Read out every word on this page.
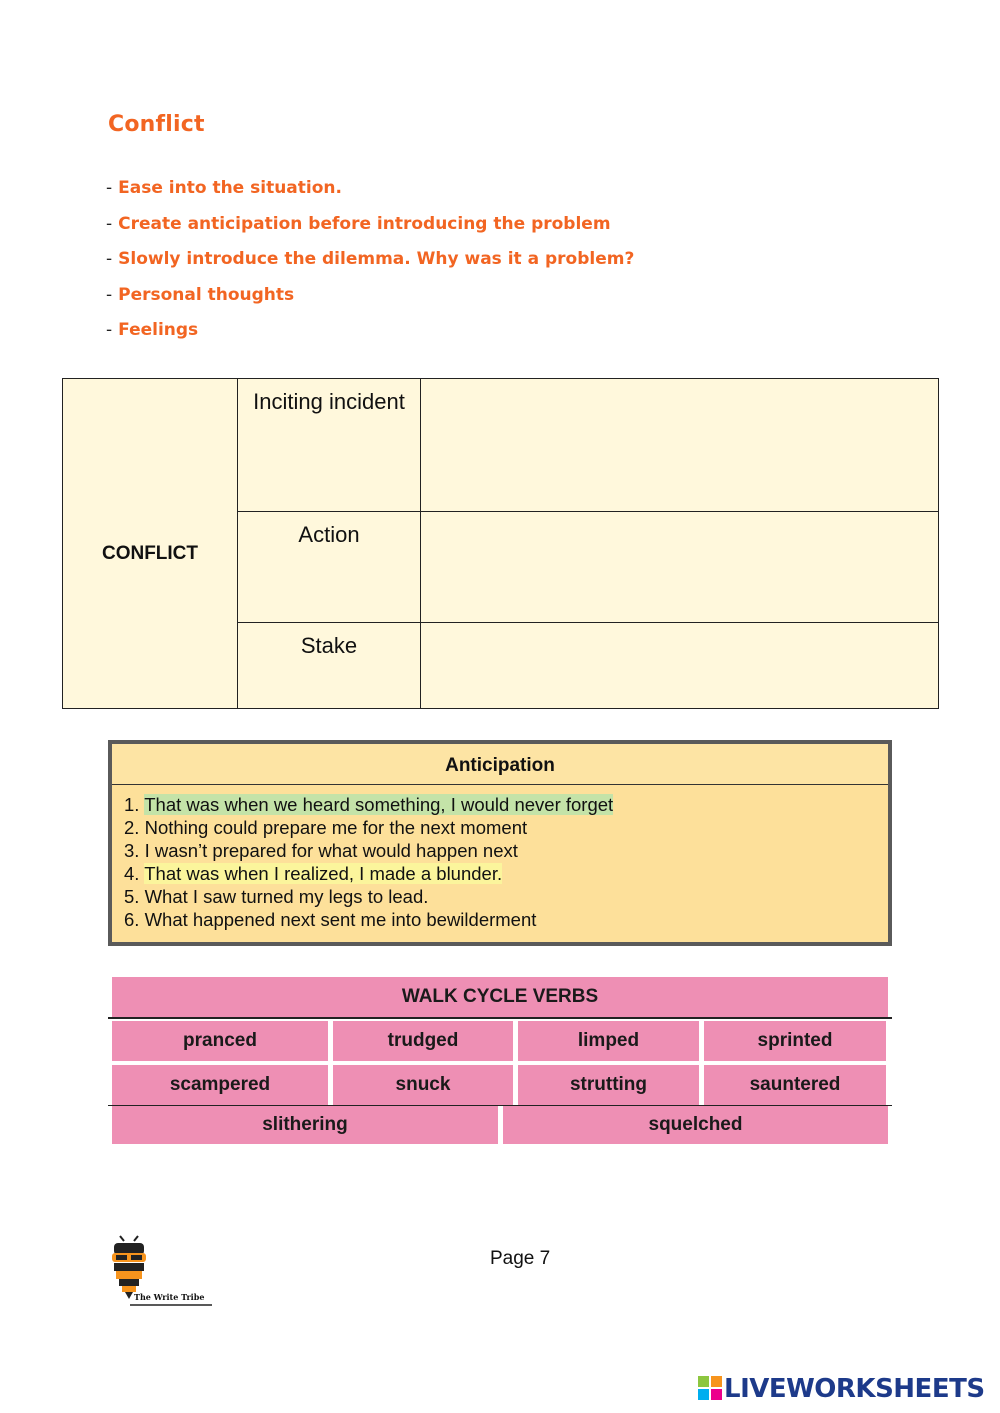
Conflict
- Ease into the situation.
- Create anticipation before introducing the problem
- Slowly introduce the dilemma. Why was it a problem?
- Personal thoughts
- Feelings
CONFLICT	Inciting incident	
	Action	
	Stake	
Anticipation
1. That was when we heard something, I would never forget
2. Nothing could prepare me for the next moment
3. I wasn’t prepared for what would happen next
4. That was when I realized, I made a blunder.
5. What I saw turned my legs to lead.
6. What happened next sent me into bewilderment
WALK CYCLE VERBS
pranced	trudged	limped	sprinted
scampered	snuck	strutting	sauntered
slithering	squelched
The Write Tribe
Page 7
LIVEWORKSHEETS
